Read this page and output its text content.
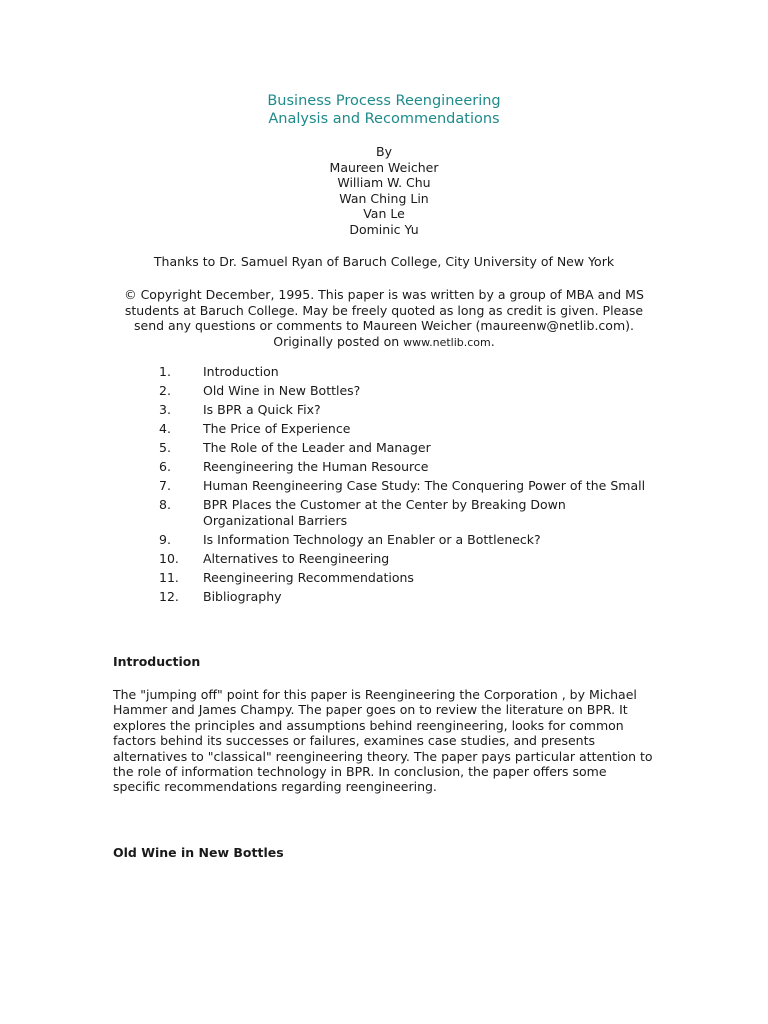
Business Process Reengineering
Analysis and Recommendations
By
Maureen Weicher
William W. Chu
Wan Ching Lin
Van Le
Dominic Yu
Thanks to Dr. Samuel Ryan of Baruch College, City University of New York
© Copyright December, 1995. This paper is was written by a group of MBA and MS
students at Baruch College. May be freely quoted as long as credit is given. Please
send any questions or comments to Maureen Weicher (maureenw@netlib.com).
Originally posted on www.netlib.com.
1.	Introduction
2.	Old Wine in New Bottles?
3.	Is BPR a Quick Fix?
4.	The Price of Experience
5.	The Role of the Leader and Manager
6.	Reengineering the Human Resource
7.	Human Reengineering Case Study: The Conquering Power of the Small
8.	BPR Places the Customer at the Center by Breaking Down Organizational Barriers
9.	Is Information Technology an Enabler or a Bottleneck?
10.	Alternatives to Reengineering
11.	Reengineering Recommendations
12.	Bibliography
Introduction

The "jumping off" point for this paper is Reengineering the Corporation , by Michael Hammer and James Champy. The paper goes on to review the literature on BPR. It explores the principles and assumptions behind reengineering, looks for common factors behind its successes or failures, examines case studies, and presents alternatives to "classical" reengineering theory. The paper pays particular attention to the role of information technology in BPR. In conclusion, the paper offers some specific recommendations regarding reengineering.

Old Wine in New Bottles
